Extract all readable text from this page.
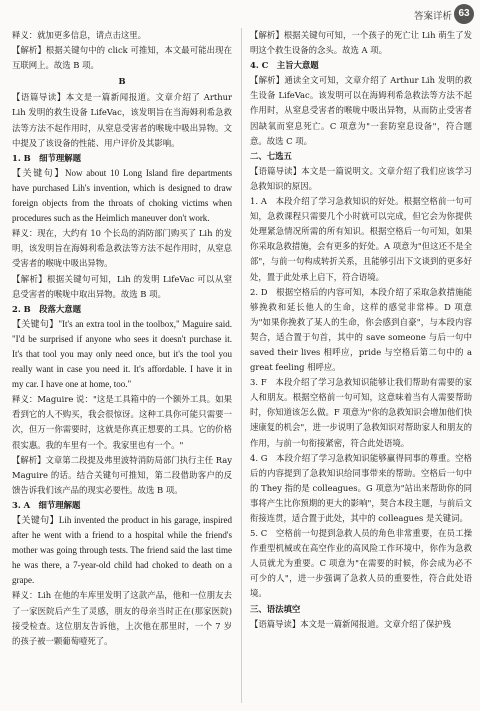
答案详析 63

释义：就加更多信息，请点击这里。

【解析】根据关键句中的 click 可推知，本文最可能出现在互联网上。故选 B 项。

B

【语篇导读】本文是一篇新闻报道。文章介绍了 Arthur Lih 发明的救生设备 LifeVac，该发明旨在当海姆利希急救法等方法不起作用时，从窒息受害者的喉咙中吸出异物。文中提及了该设备的性能、用户评价及其影响。

1. B　细节理解题

【关键句】Now about 10 Long Island fire departments have purchased Lih's invention, which is designed to draw foreign objects from the throats of choking victims when procedures such as the Heimlich maneuver don't work.

释义：现在，大约有 10 个长岛的消防部门购买了 Lih 的发明，该发明旨在海姆利希急救法等方法不起作用时，从窒息受害者的喉咙中吸出异物。

【解析】根据关键句可知，Lih 的发明 LifeVac 可以从窒息受害者的喉咙中取出异物。故选 B 项。

2. B　段落大意题

【关键句】"It's an extra tool in the toolbox," Maguire said. "I'd be surprised if anyone who sees it doesn't purchase it. It's that tool you may only need once, but it's the tool you really want in case you need it. It's affordable. I have it in my car. I have one at home, too."

释义：Maguire 说："这是工具箱中的一个额外工具。如果看到它的人不购买，我会很惊讶。这种工具你可能只需要一次，但万一你需要时，这就是你真正想要的工具。它的价格很实惠。我的车里有一个。我家里也有一个。"

【解析】文章第二段提及弗里波特消防局部门执行主任 Ray Maguire 的话。结合关键句可推知，第二段借助客户的反馈告诉我们该产品的现实必要性。故选 B 项。

3. A　细节理解题

【关键句】Lih invented the product in his garage, inspired after he went with a friend to a hospital while the friend's mother was going through tests. The friend said the last time he was there, a 7-year-old child had choked to death on a grape.

释义：Lih 在他的车库里发明了这款产品，他和一位朋友去了一家医院后产生了灵感，朋友的母亲当时正在(那家医院)接受检查。这位朋友告诉他，上次他在那里时，一个 7 岁的孩子被一颗葡萄噎死了。

【解析】根据关键句可知，一个孩子的死亡让 Lih 萌生了发明这个救生设备的念头。故选 A 项。

4. C　主旨大意题

【解析】通读全文可知，文章介绍了 Arthur Lih 发明的救生设备 LifeVac。该发明可以在海姆利希急救法等方法不起作用时，从窒息受害者的喉咙中吸出异物，从而防止受害者因缺氧而窒息死亡。C 项意为"一套防窒息设备"，符合题意。故选 C 项。

二、七选五

【语篇导读】本文是一篇说明文。文章介绍了我们应该学习急救知识的原因。

1. A　本段介绍了学习急救知识的好处。根据空格前一句可知，急救课程只需要几个小时就可以完成，但它会为你提供处理紧急情况所需的所有知识。根据空格后一句可知，如果你采取急救措施，会有更多的好处。A 项意为"但这还不是全部"，与前一句构成转折关系，且能够引出下文谈到的更多好处，置于此处承上启下，符合语境。

2. D　根据空格后的内容可知，本段介绍了采取急救措施能够挽救和延长他人的生命，这样的感觉非常棒。D 项意为"如果你挽救了某人的生命，你会感到自豪"，与本段内容契合，适合置于句首，其中的 save someone 与后一句中 saved their lives 相呼应，pride 与空格后第二句中的 a great feeling 相呼应。

3. F　本段介绍了学习急救知识能够让我们帮助有需要的家人和朋友。根据空格前一句可知，这意味着当有人需要帮助时，你知道该怎么做。F 项意为"你的急救知识会增加他们快速康复的机会"，进一步说明了急救知识对帮助家人和朋友的作用，与前一句衔接紧密，符合此处语境。

4. G　本段介绍了学习急救知识能够赢得同事的尊重。空格后的内容提到了急救知识给同事带来的帮助。空格后一句中的 They 指的是 colleagues。G 项意为"站出来帮助你的同事将产生比你预期的更大的影响"，契合本段主题，与前后文衔接连贯，适合置于此处，其中的 colleagues 是关键词。

5. C　空格前一句提到急救人员的角色非常重要，在员工操作重型机械或在高空作业的高风险工作环境中，你作为急救人员就尤为重要。C 项意为"在需要的时候，你会成为必不可少的人"，进一步强调了急救人员的重要性，符合此处语境。

三、语法填空

【语篇导读】本文是一篇新闻报道。文章介绍了保护残
